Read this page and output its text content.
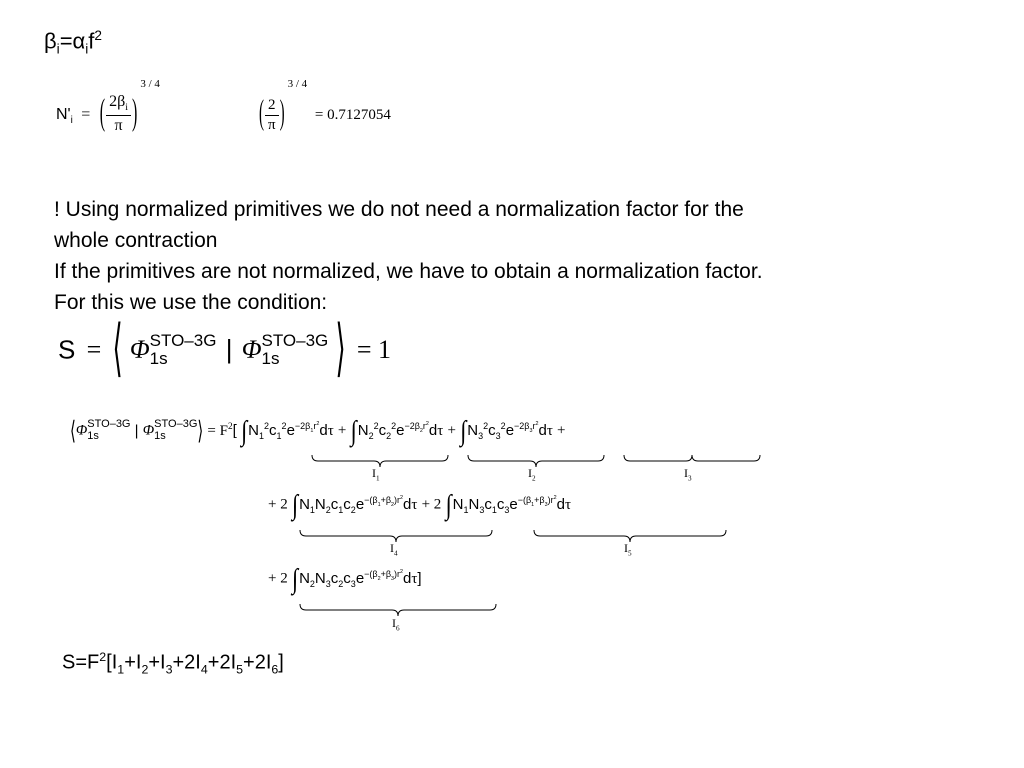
$\beta_i=\alpha_if^2$
$N'_i$ = ( $\frac{2\beta_i}{\pi} )^{3 / 4}$
( $\frac{2}{\pi} )^{3 / 4} = 0.7127054$

! Using normalized primitives we do not need a normalization factor for the

whole contraction

If the primitives are not normalized, we have to obtain a normalization factor.

For this we use the condition:

S = ⟨ Φ STO–3G
1s	| Φ STO–3G
1s	⟩ = 1
⟨Φ STO–3G
1s	| Φ STO–3G
1s	⟩ = $F^2$[ $\int N_1^2c_1^2e^{-2\beta_1r^2}d\tau + \int N_2^2c_2^2e^{-2\beta_2r^2}d\tau + \int N_3^2c_3^2e^{-2\beta_3r^2}d\tau$ +
+ 2 $\int N_1N_2c_1c_2e^{-(\beta_1+\beta_2)r^2}d\tau + 2$ $\int N_1N_3c_1c_3e^{-(\beta_1+\beta_3)r^2}d\tau$
+ 2 $\int N_2N_3c_2c_3e^{-(\beta_2+\beta_3)r^2}d\tau$]
$I_1$	$I_2$	$I_3$
$I_4$	$I_5$
$I_6$
$S=F^2[I_1+I_2+I_3+2I_4+2I_5+2I_6]$
